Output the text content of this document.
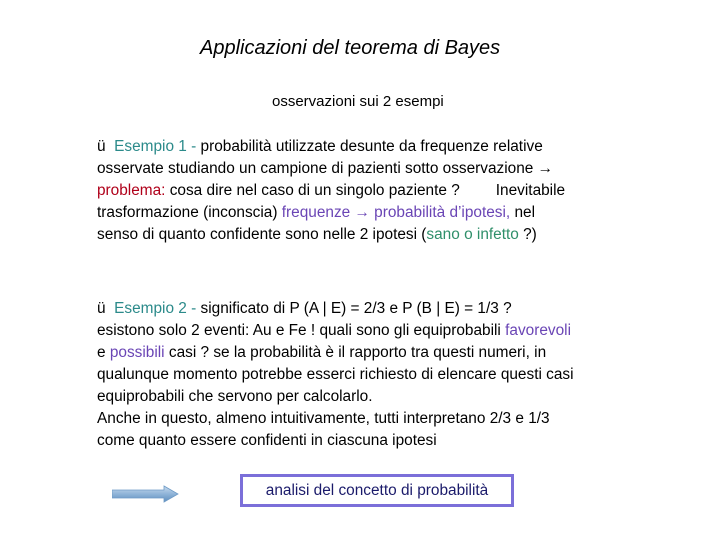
Applicazioni del teorema di Bayes
osservazioni sui 2 esempi
ü Esempio 1 - probabilità utilizzate desunte da frequenze relative
osservate studiando un campione di pazienti sotto osservazione →
problema: cosa dire nel caso di un singolo paziente ? Inevitabile
trasformazione (inconscia) frequenze → probabilità d’ipotesi, nel
senso di quanto confidente sono nelle 2 ipotesi (sano o infetto ?)
ü Esempio 2 - significato di P (A | E) = 2/3 e P (B | E) = 1/3 ?
esistono solo 2 eventi: Au e Fe ! quali sono gli equiprobabili favorevoli
e possibili casi ? se la probabilità è il rapporto tra questi numeri, in
qualunque momento potrebbe esserci richiesto di elencare questi casi
equiprobabili che servono per calcolarlo.
Anche in questo, almeno intuitivamente, tutti interpretano 2/3 e 1/3
come quanto essere confidenti in ciascuna ipotesi
analisi del concetto di probabilità
